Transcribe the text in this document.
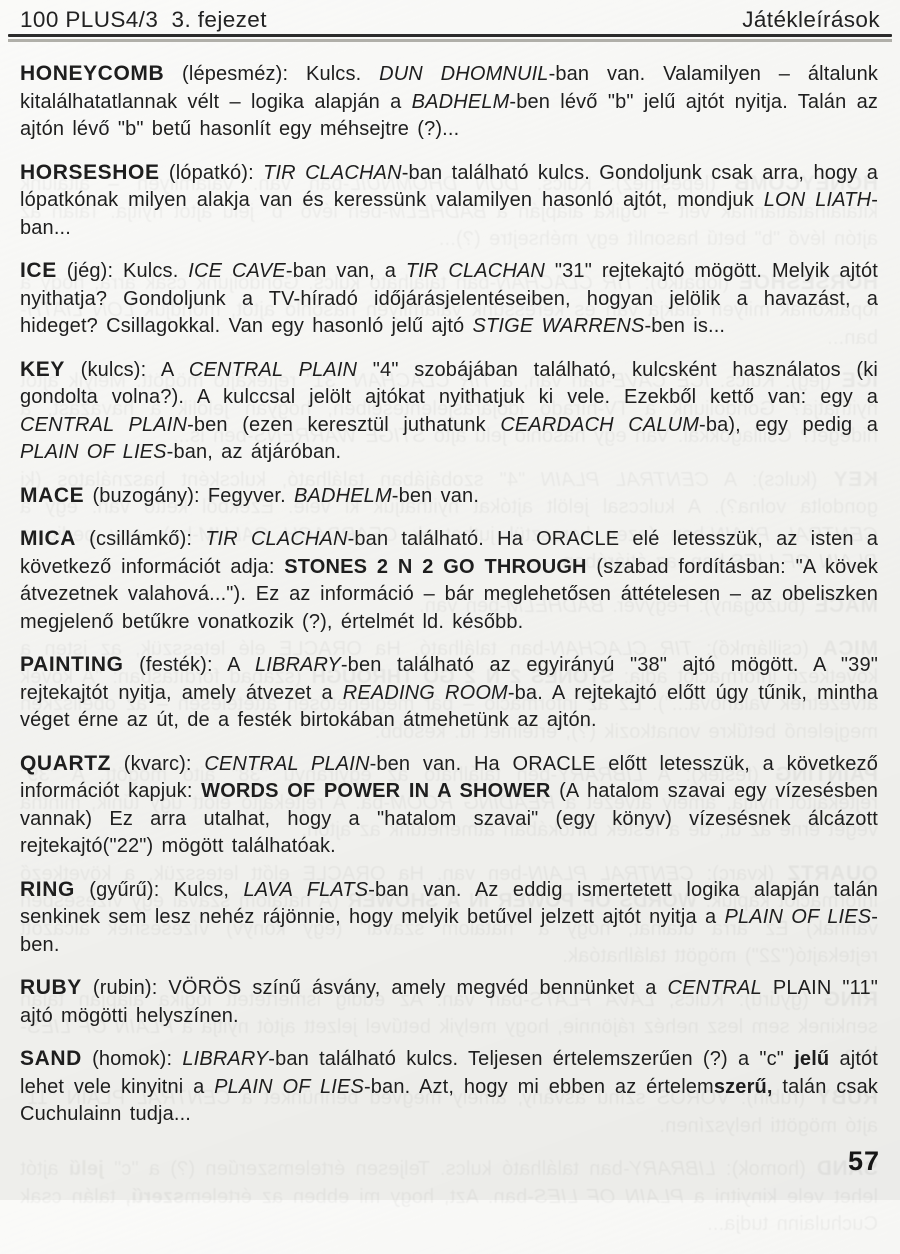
100 PLUS4/3  3. fejezet	Játékleírások

HONEYCOMB (lépesméz): Kulcs. DUN DHOMNUIL-ban van. Valamilyen – általunk kitalálhatatlannak vélt – logika alapján a BADHELM-ben lévő "b" jelű ajtót nyitja. Talán az ajtón lévő "b" betű hasonlít egy méhsejtre (?)...

HORSESHOE (lópatkó): TIR CLACHAN-ban található kulcs. Gondoljunk csak arra, hogy a lópatkónak milyen alakja van és keressünk valamilyen hasonló ajtót, mondjuk LON LIATH-ban...

ICE (jég): Kulcs. ICE CAVE-ban van, a TIR CLACHAN "31" rejtekajtó mögött. Melyik ajtót nyithatja? Gondoljunk a TV-híradó időjárásjelentéseiben, hogyan jelölik a havazást, a hideget? Csillagokkal. Van egy hasonló jelű ajtó STIGE WARRENS-ben is...

KEY (kulcs): A CENTRAL PLAIN "4" szobájában található, kulcsként használatos (ki gondolta volna?). A kulccsal jelölt ajtókat nyithatjuk ki vele. Ezekből kettő van: egy a CENTRAL PLAIN-ben (ezen keresztül juthatunk CEARDACH CALUM-ba), egy pedig a PLAIN OF LIES-ban, az átjáróban.

MACE (buzogány): Fegyver. BADHELM-ben van.

MICA (csillámkő): TIR CLACHAN-ban található. Ha ORACLE elé letesszük, az isten a következő információt adja: STONES 2 N 2 GO THROUGH (szabad fordításban: "A kövek átvezetnek valahová..."). Ez az információ – bár meglehetősen áttételesen – az obeliszken megjelenő betűkre vonatkozik (?), értelmét ld. később.

PAINTING (festék): A LIBRARY-ben található az egyirányú "38" ajtó mögött. A "39" rejtekajtót nyitja, amely átvezet a READING ROOM-ba. A rejtekajtó előtt úgy tűnik, mintha véget érne az út, de a festék birtokában átmehetünk az ajtón.

QUARTZ (kvarc): CENTRAL PLAIN-ben van. Ha ORACLE előtt letesszük, a következő információt kapjuk: WORDS OF POWER IN A SHOWER (A hatalom szavai egy vízesésben vannak) Ez arra utalhat, hogy a "hatalom szavai" (egy könyv) vízesésnek álcázott rejtekajtó("22") mögött találhatóak.

RING (gyűrű): Kulcs, LAVA FLATS-ban van. Az eddig ismertetett logika alapján talán senkinek sem lesz nehéz rájönnie, hogy melyik betűvel jelzett ajtót nyitja a PLAIN OF LIES-ben.

RUBY (rubin): VÖRÖS színű ásvány, amely megvéd bennünket a CENTRAL PLAIN "11" ajtó mögötti helyszínen.

SAND (homok): LIBRARY-ban található kulcs. Teljesen értelemszerűen (?) a "c" jelű ajtót lehet vele kinyitni a PLAIN OF LIES-ban. Azt, hogy mi ebben az értelemszerű, talán csak Cuchulainn tudja...

57
